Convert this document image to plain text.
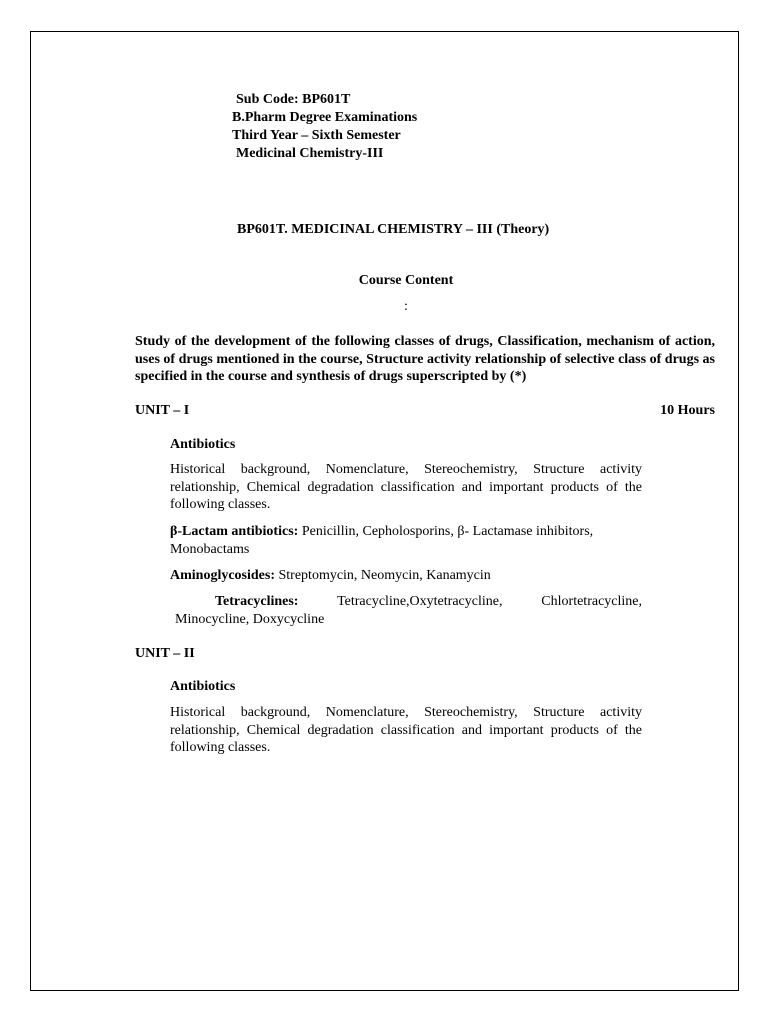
Sub Code: BP601T
B.Pharm Degree Examinations
Third Year – Sixth Semester
Medicinal Chemistry-III
BP601T. MEDICINAL CHEMISTRY – III (Theory)
Course Content
:
Study of the development of the following classes of drugs, Classification, mechanism of action, uses of drugs mentioned in the course, Structure activity relationship of selective class of drugs as specified in the course and synthesis of drugs superscripted by (*)
UNIT – I	10 Hours
Antibiotics
Historical background, Nomenclature, Stereochemistry, Structure activity relationship, Chemical degradation classification and important products of the following classes.
β-Lactam antibiotics: Penicillin, Cepholosporins, β- Lactamase inhibitors, Monobactams
Aminoglycosides: Streptomycin, Neomycin, Kanamycin
Tetracyclines: Tetracycline,Oxytetracycline, Chlortetracycline, Minocycline, Doxycycline
UNIT – II
Antibiotics
Historical background, Nomenclature, Stereochemistry, Structure activity relationship, Chemical degradation classification and important products of the following classes.
